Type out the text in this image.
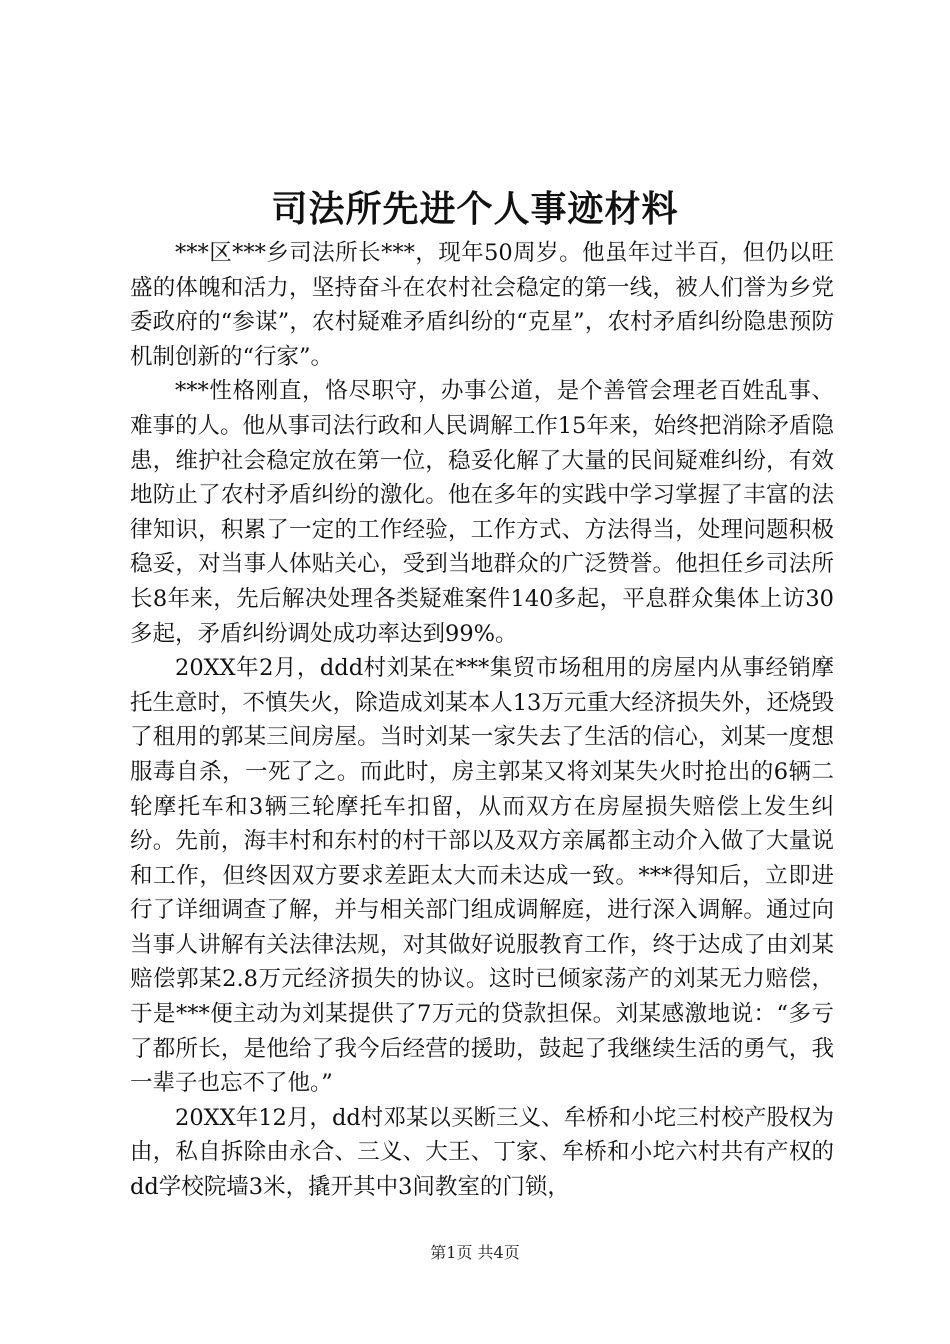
司法所先进个人事迹材料

***区***乡司法所长***，现年50周岁。他虽年过半百，但仍以旺盛的体魄和活力，坚持奋斗在农村社会稳定的第一线，被人们誉为乡党委政府的“参谋”，农村疑难矛盾纠纷的“克星”，农村矛盾纠纷隐患预防机制创新的“行家”。

***性格刚直，恪尽职守，办事公道，是个善管会理老百姓乱事、难事的人。他从事司法行政和人民调解工作15年来，始终把消除矛盾隐患，维护社会稳定放在第一位，稳妥化解了大量的民间疑难纠纷，有效地防止了农村矛盾纠纷的激化。他在多年的实践中学习掌握了丰富的法律知识，积累了一定的工作经验，工作方式、方法得当，处理问题积极稳妥，对当事人体贴关心，受到当地群众的广泛赞誉。他担任乡司法所长8年来，先后解决处理各类疑难案件140多起，平息群众集体上访30多起，矛盾纠纷调处成功率达到99%。

20XX年2月，ddd村刘某在***集贸市场租用的房屋内从事经销摩托生意时，不慎失火，除造成刘某本人13万元重大经济损失外，还烧毁了租用的郭某三间房屋。当时刘某一家失去了生活的信心，刘某一度想服毒自杀，一死了之。而此时，房主郭某又将刘某失火时抢出的6辆二轮摩托车和3辆三轮摩托车扣留，从而双方在房屋损失赔偿上发生纠纷。先前，海丰村和东村的村干部以及双方亲属都主动介入做了大量说和工作，但终因双方要求差距太大而未达成一致。***得知后，立即进行了详细调查了解，并与相关部门组成调解庭，进行深入调解。通过向当事人讲解有关法律法规，对其做好说服教育工作，终于达成了由刘某赔偿郭某2.8万元经济损失的协议。这时已倾家荡产的刘某无力赔偿，于是***便主动为刘某提供了7万元的贷款担保。刘某感激地说：“多亏了都所长，是他给了我今后经营的援助，鼓起了我继续生活的勇气，我一辈子也忘不了他。”

20XX年12月，dd村邓某以买断三义、牟桥和小坨三村校产股权为由，私自拆除由永合、三义、大王、丁家、牟桥和小坨六村共有产权的dd学校院墙3米，撬开其中3间教室的门锁，

第1页 共4页
